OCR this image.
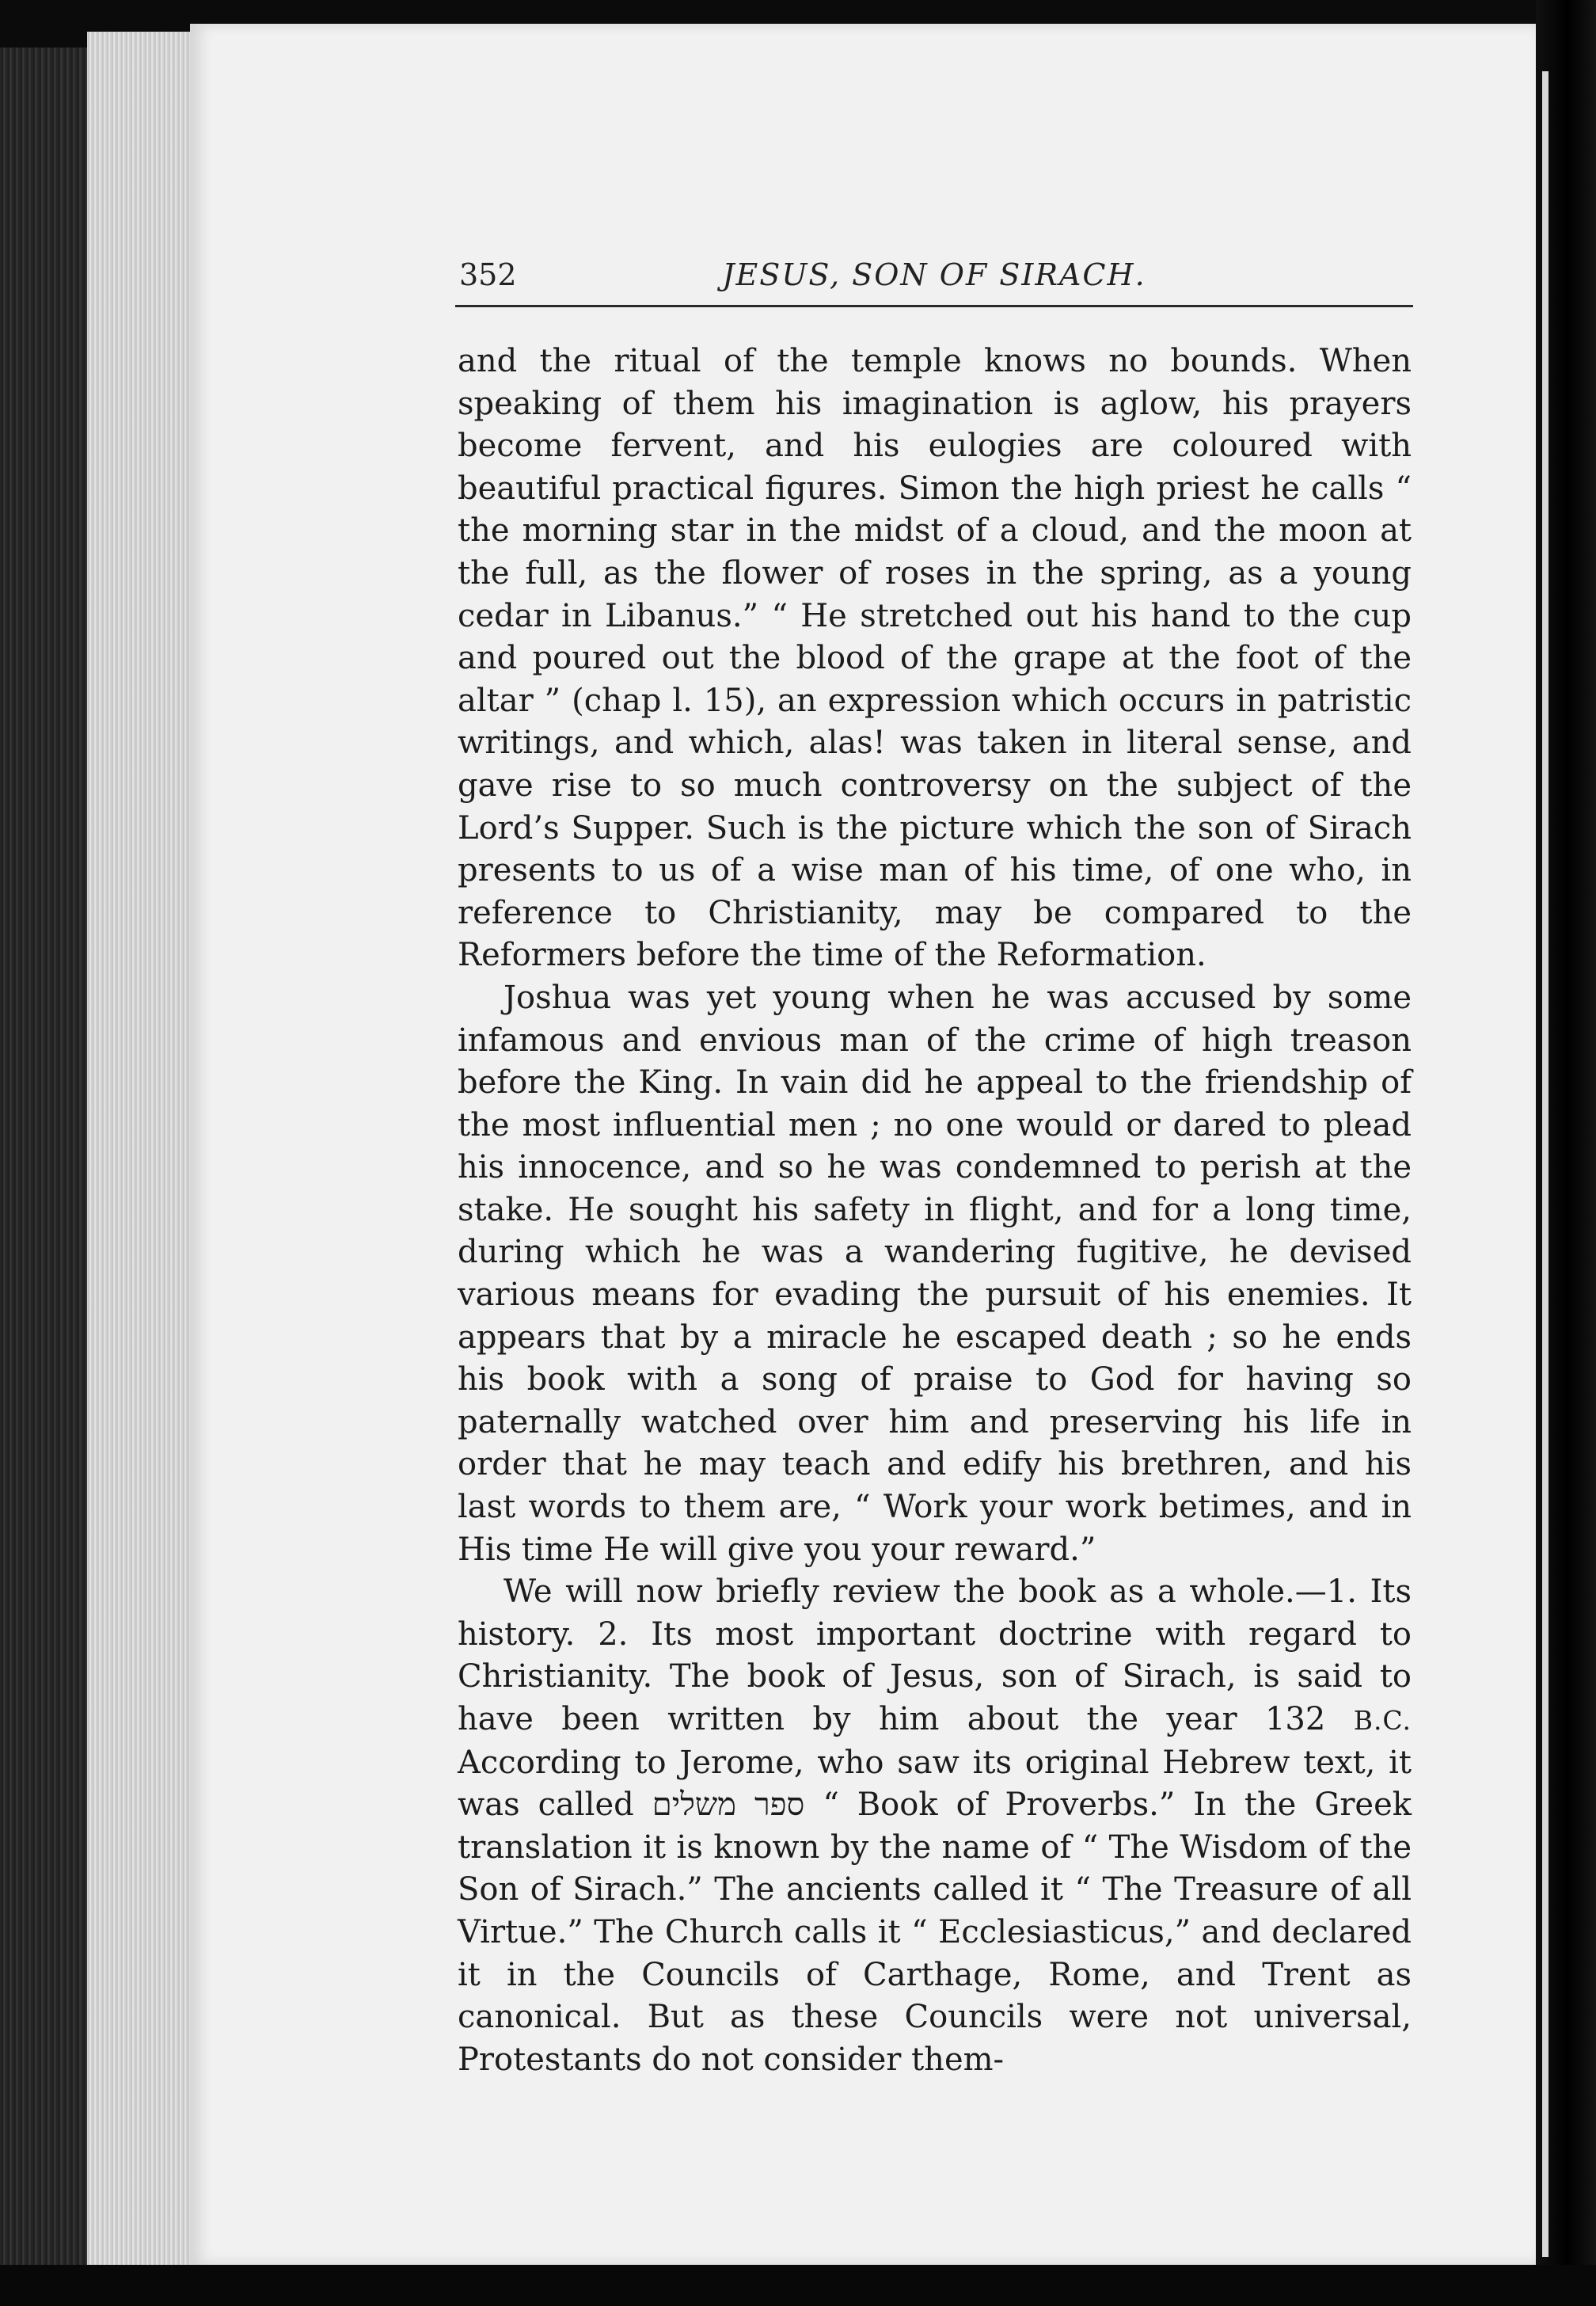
352	JESUS, SON OF SIRACH.

and the ritual of the temple knows no bounds. When speaking of them his imagination is aglow, his prayers become fervent, and his eulogies are coloured with beautiful practical figures. Simon the high priest he calls “ the morning star in the midst of a cloud, and the moon at the full, as the flower of roses in the spring, as a young cedar in Libanus.” “ He stretched out his hand to the cup and poured out the blood of the grape at the foot of the altar ” (chap l. 15), an expression which occurs in patristic writings, and which, alas! was taken in literal sense, and gave rise to so much controversy on the subject of the Lord’s Supper. Such is the picture which the son of Sirach presents to us of a wise man of his time, of one who, in reference to Christianity, may be compared to the Reformers before the time of the Reformation.

Joshua was yet young when he was accused by some infamous and envious man of the crime of high treason before the King. In vain did he appeal to the friendship of the most influential men ; no one would or dared to plead his innocence, and so he was condemned to perish at the stake. He sought his safety in flight, and for a long time, during which he was a wandering fugitive, he devised various means for evading the pursuit of his enemies. It appears that by a miracle he escaped death ; so he ends his book with a song of praise to God for having so paternally watched over him and preserving his life in order that he may teach and edify his brethren, and his last words to them are, “ Work your work betimes, and in His time He will give you your reward.”

We will now briefly review the book as a whole.—1. Its history. 2. Its most important doctrine with regard to Christianity. The book of Jesus, son of Sirach, is said to have been written by him about the year 132 B.C. According to Jerome, who saw its original Hebrew text, it was called ספר משלים “ Book of Proverbs.” In the Greek translation it is known by the name of “ The Wisdom of the Son of Sirach.” The ancients called it “ The Treasure of all Virtue.” The Church calls it “ Ecclesiasticus,” and declared it in the Councils of Carthage, Rome, and Trent as canonical. But as these Councils were not universal, Protestants do not consider them-
